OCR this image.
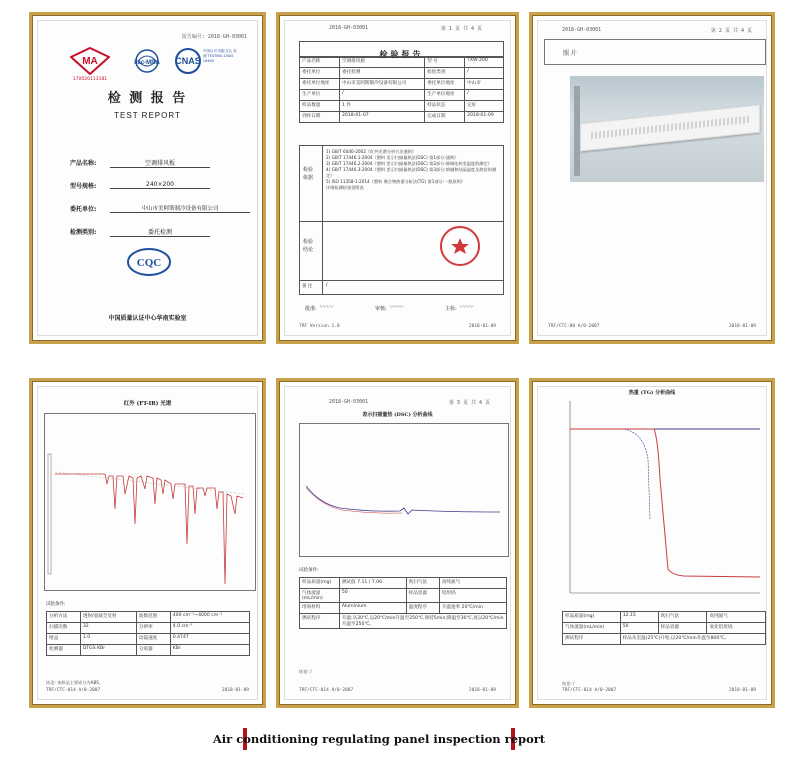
报告编号: 2018-GH-03001
MA
170020113181
ilac-MRA CNAS
中国认可 国际互认 检测 TESTING CNAS L8465
检 测 报 告
TEST REPORT
产品名称:	空调排风板
型号规格:	240×200
委托单位:	中山市美阿斯制冷设备有限公司
检测类别:	委托检测
CQC
中国质量认证中心华南实验室
2018-GH-03001	第 1 页 共 4 页
检验报告
产品名称	空调排风板	型 号	TXW-200
委托单位	委托检测	检验类别	/
委托单位地址	中山市美阿斯制冷设备有限公司	委托单位地址	中山市
生产单位	/	生产单位地址	/
样品数量	1 件	样品状态	完好
到样日期	2018-01-07	完成日期	2018-01-09
检验依据
1) GB/T 6040-2002《红外光谱分析方法通则》
2) GB/T 17446.1-2004《塑料 差示扫描量热法(DSC) 第1部分:通则》
3) GB/T 17446.2-2004《塑料 差示扫描量热法(DSC) 第2部分:玻璃化转变温度的测定》
4) GB/T 17446.3-2004《塑料 差示扫描量热法(DSC) 第3部分:熔融和结晶温度及热焓的测定》
5) ISO 11358-1:2014《塑料 聚合物热重分析法(TG) 第1部分:一般原则》
详细检测结果见附表
检验结论
备 注	/
批准: 〰〰	审核: 〰〰	主检: 〰〰
TRF Version 1.0	2018-01-09
2018-GH-03001	第 2 页 共 4 页
照 片
TRF/CTC-00 A/0-2007	2018-01-09
红外 (FT-IR) 光谱
试验条件:
分析方法	透射/衰减全反射	波数范围	400 cm⁻¹~4000 cm⁻¹
扫描次数	32	分辨率	4.0 cm⁻¹
增益	1.0	动镜速度	0.4747
检测器	DTGS KBr	分束器	KBr
结论: 该样品主要成分为ABS。
TRF/CTC-014 A/0-2007	2018-01-09
2018-GH-03001	第 3 页 共 4 页
差示扫描量热 (DSC) 分析曲线
试验条件:
样品质量(mg)	测试值 7.11 / 7.06	吹扫气氛	高纯氮气
气体流量(mL/min)	50	样品容器	铝坩埚
坩埚材料	Aluminium	温度程序	升温速率 20℃/min
测试程序	升温:从30℃,以20℃/min升温至250℃,保持5min;降温至30℃,再以20℃/min升温至250℃。		
结论: /
TRF/CTC-014 A/0-2007	2018-01-09
热重 (TG) 分析曲线
样品质量(mg)	12.15	吹扫气氛	高纯氮气
气体流量(mL/min)	50	样品容器	氧化铝坩埚
测试程序	样品从室温(25℃)开始,以20℃/min升温至800℃。		
结论: /
TRF/CTC-014 A/0-2007	2018-01-09
Air conditioning regulating panel inspection report
